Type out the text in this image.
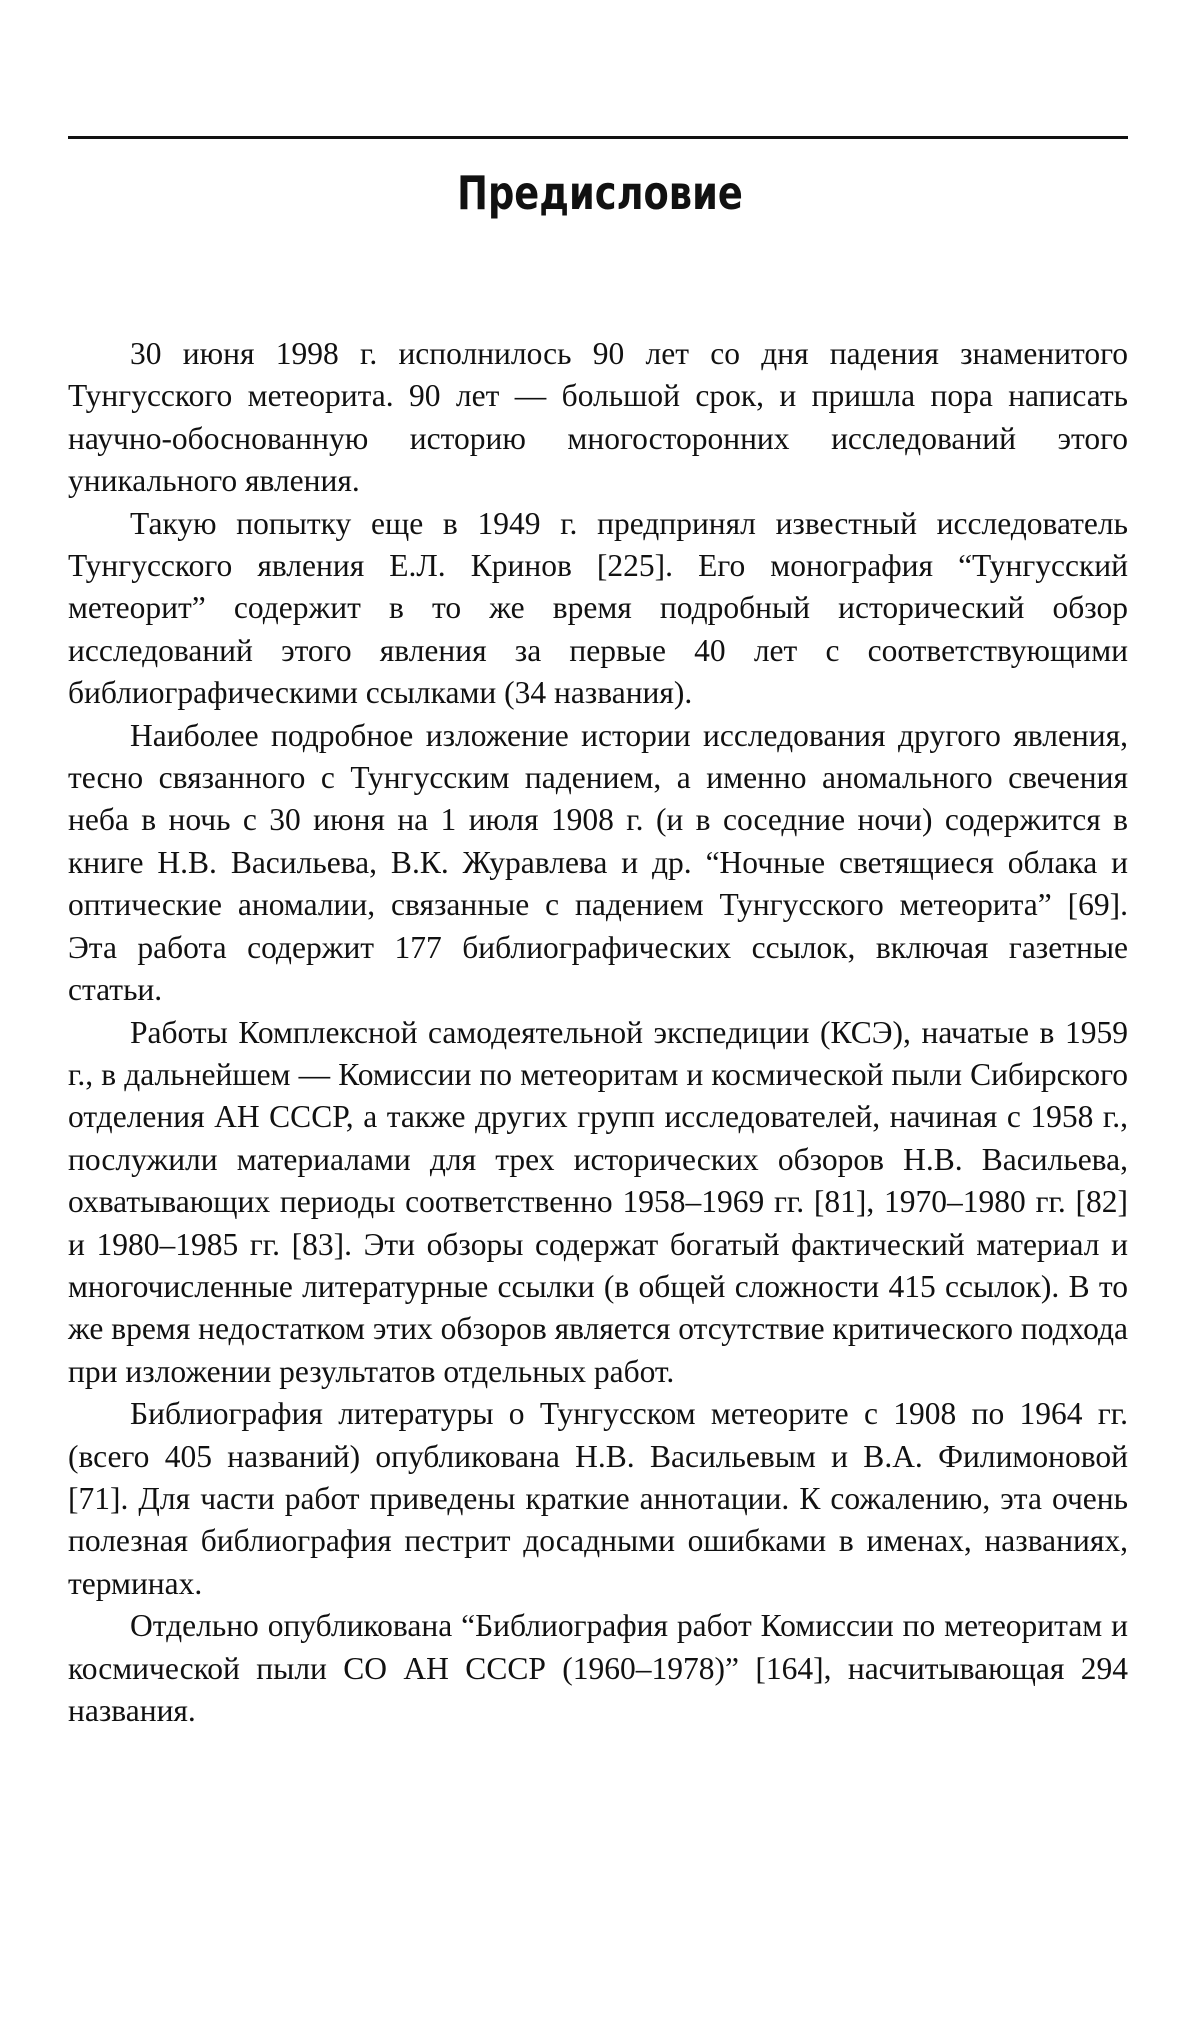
Предисловие

30 июня 1998 г. исполнилось 90 лет со дня падения знаменитого Тунгусского метеорита. 90 лет — большой срок, и пришла пора написать научно-обоснованную историю многосторонних исследований этого уникального явления.

Такую попытку еще в 1949 г. предпринял известный исследователь Тунгусского явления Е.Л. Кринов [225]. Его монография “Тунгусский метеорит” содержит в то же время подробный исторический обзор исследований этого явления за первые 40 лет с соответствующими библиографическими ссылками (34 названия).

Наиболее подробное изложение истории исследования другого явления, тесно связанного с Тунгусским падением, а именно аномального свечения неба в ночь с 30 июня на 1 июля 1908 г. (и в соседние ночи) содержится в книге Н.В. Васильева, В.К. Журавлева и др. “Ночные светящиеся облака и оптические аномалии, связанные с падением Тунгусского метеорита” [69]. Эта работа содержит 177 библиографических ссылок, включая газетные статьи.

Работы Комплексной самодеятельной экспедиции (КСЭ), начатые в 1959 г., в дальнейшем — Комиссии по метеоритам и космической пыли Сибирского отделения АН СССР, а также других групп исследователей, начиная с 1958 г., послужили материалами для трех исторических обзоров Н.В. Васильева, охватывающих периоды соответственно 1958–1969 гг. [81], 1970–1980 гг. [82] и 1980–1985 гг. [83]. Эти обзоры содержат богатый фактический материал и многочисленные литературные ссылки (в общей сложности 415 ссылок). В то же время недостатком этих обзоров является отсутствие критического подхода при изложении результатов отдельных работ.

Библиография литературы о Тунгусском метеорите с 1908 по 1964 гг. (всего 405 названий) опубликована Н.В. Васильевым и В.А. Филимоновой [71]. Для части работ приведены краткие аннотации. К сожалению, эта очень полезная библиография пестрит досадными ошибками в именах, названиях, терминах.

Отдельно опубликована “Библиография работ Комиссии по метеоритам и космической пыли СО АН СССР (1960–1978)” [164], насчитывающая 294 названия.
